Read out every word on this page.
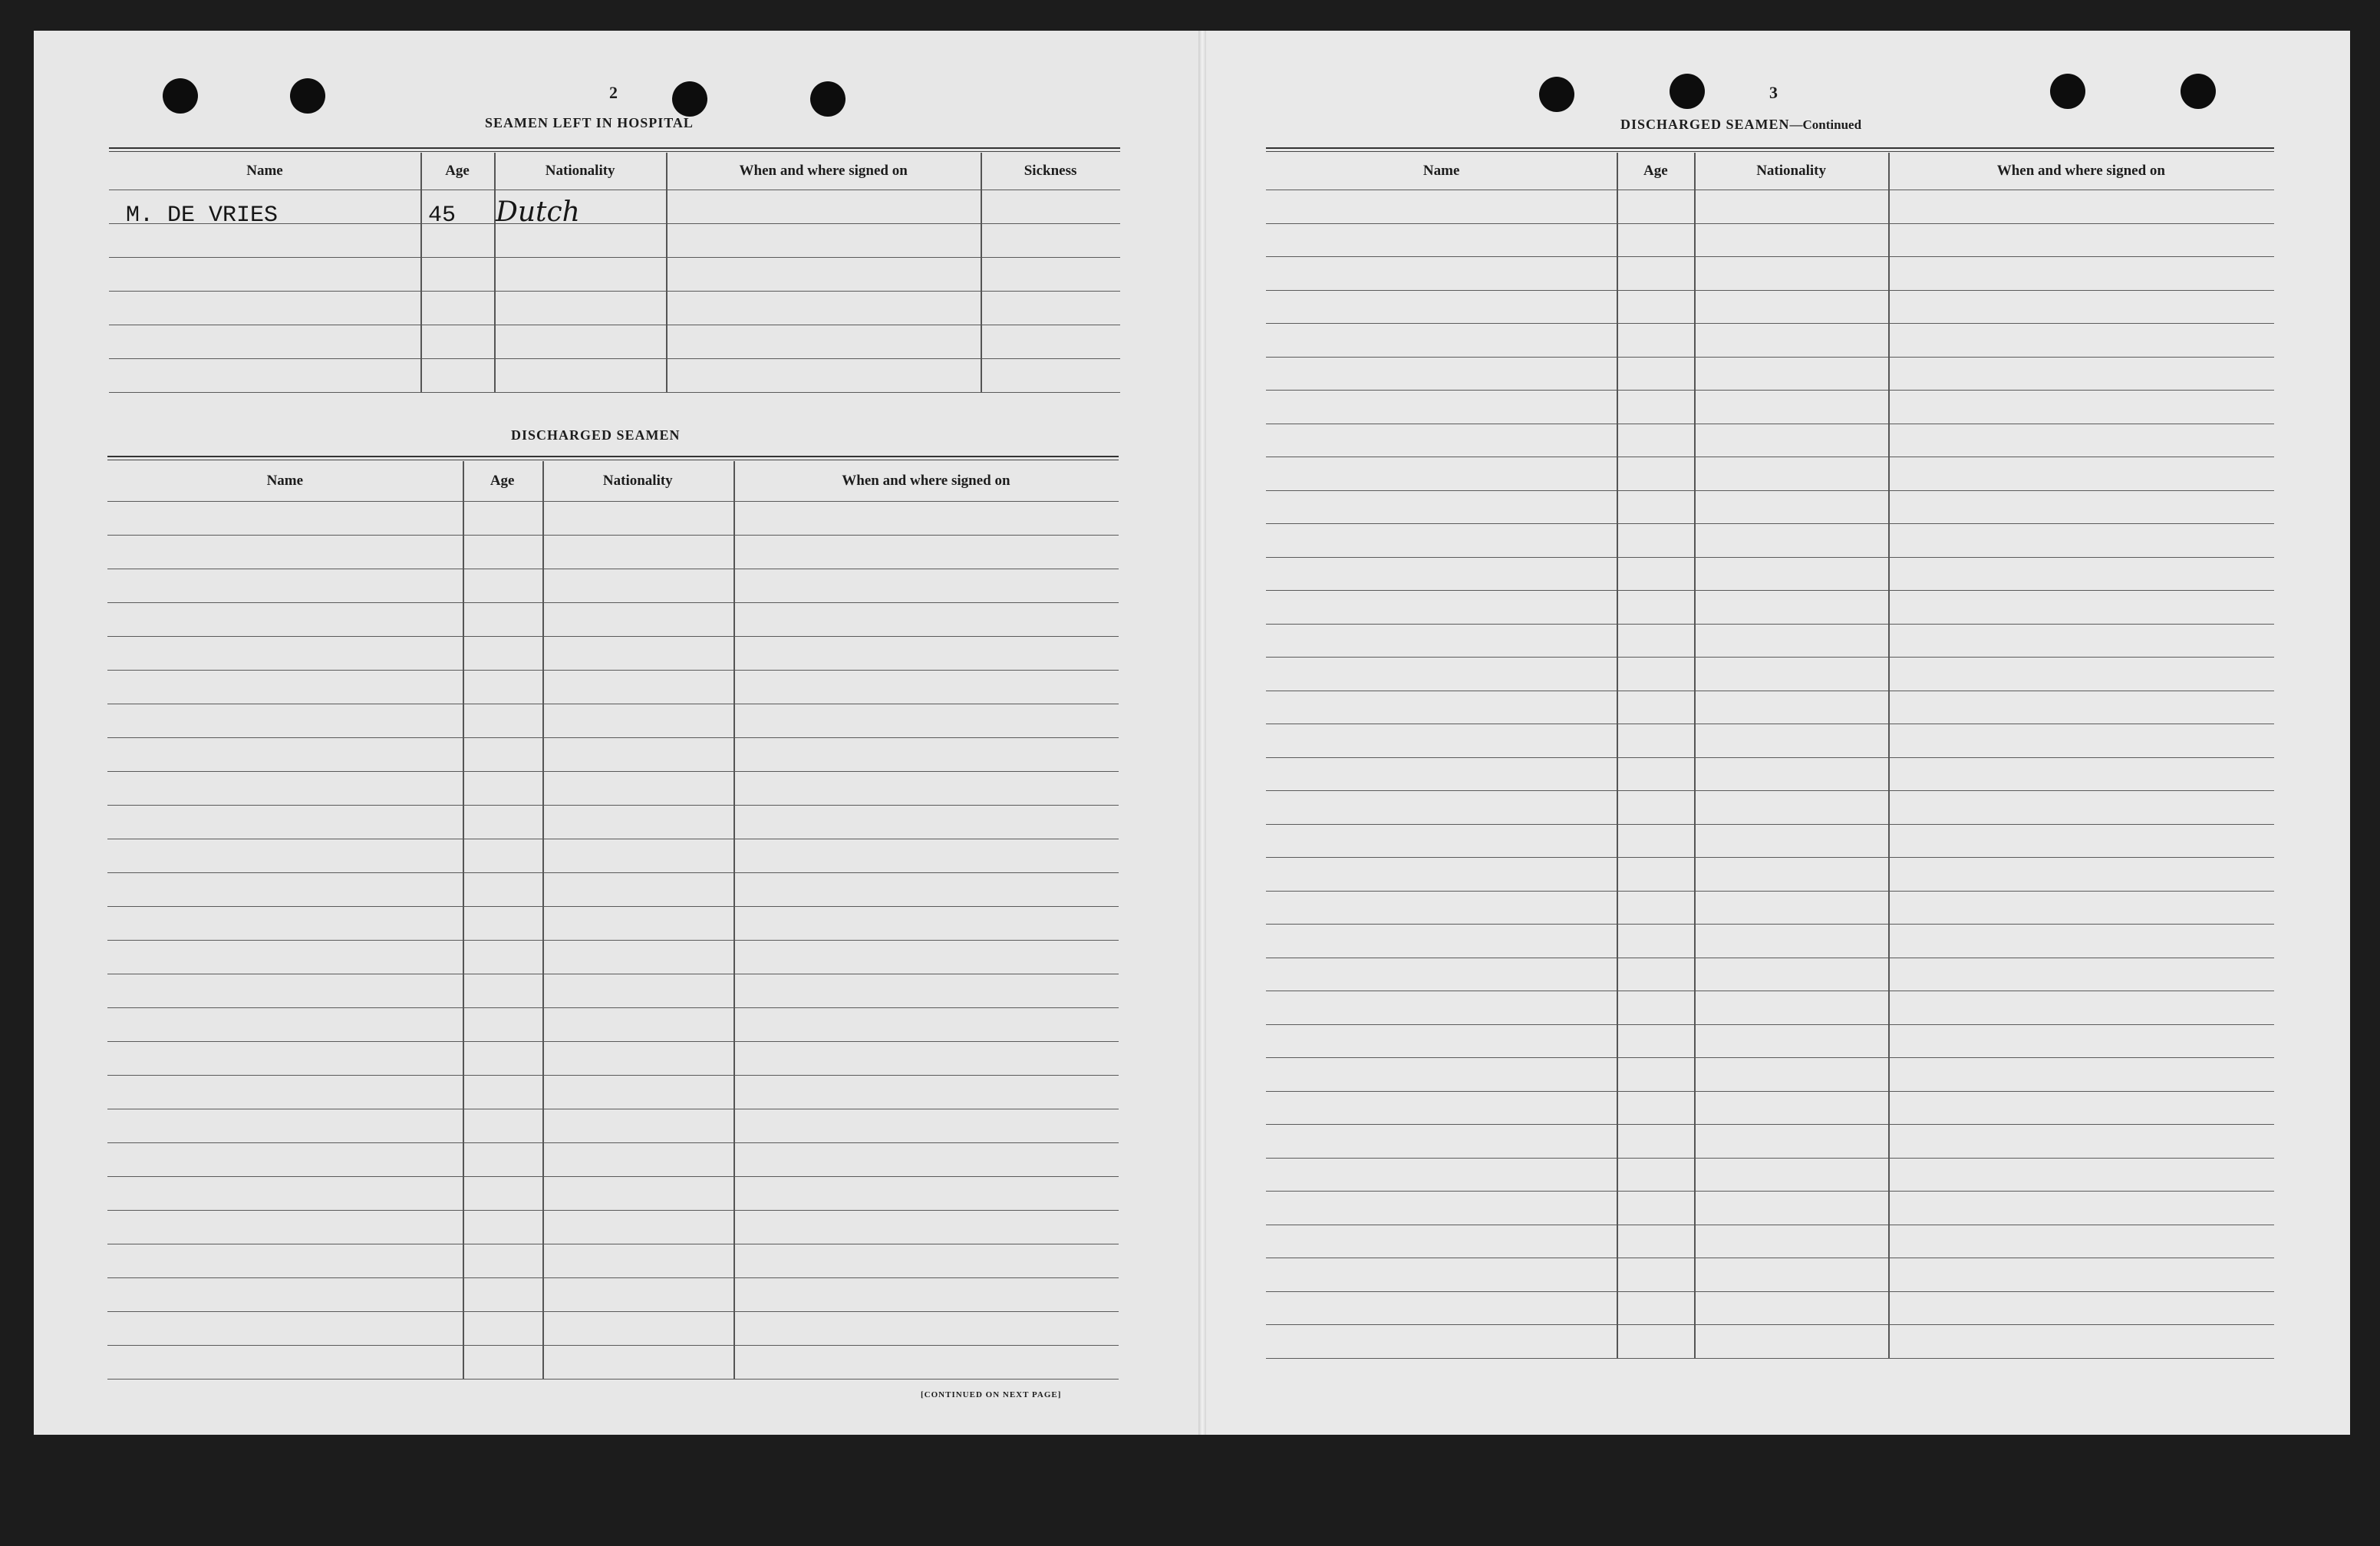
2
SEAMEN LEFT IN HOSPITAL
Name	Age	Nationality	When and where signed on	Sickness
M. DE VRIES	45 Dutch
DISCHARGED SEAMEN
Name	Age	Nationality	When and where signed on
[CONTINUED ON NEXT PAGE]
3
DISCHARGED SEAMEN—Continued
Name	Age	Nationality	When and where signed on
